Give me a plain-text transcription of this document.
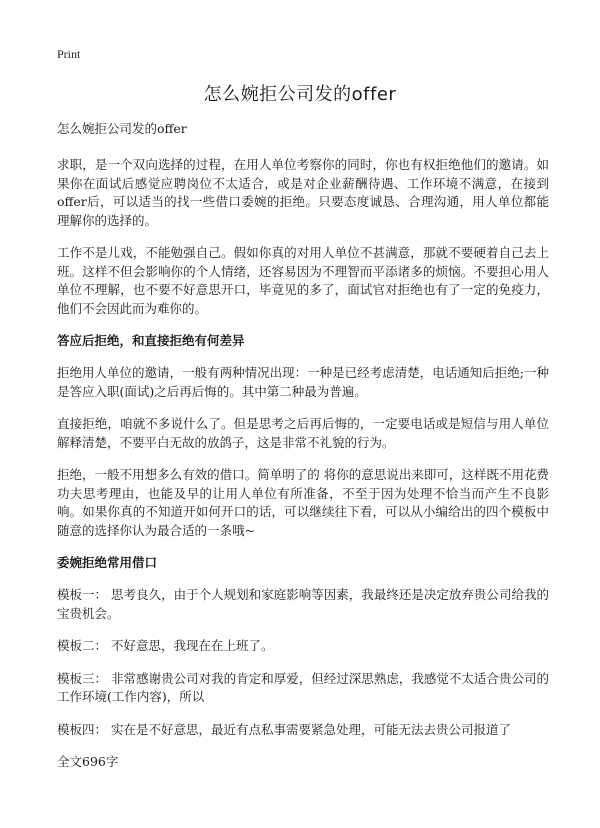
Print
怎么婉拒公司发的offer
怎么婉拒公司发的offer

求职，是一个双向选择的过程，在用人单位考察你的同时，你也有权拒绝他们的邀请。如果你在面试后感觉应聘岗位不太适合，或是对企业薪酬待遇、工作环境不满意，在接到offer后，可以适当的找一些借口委婉的拒绝。只要态度诚恳、合理沟通，用人单位都能理解你的选择的。

工作不是儿戏，不能勉强自己。假如你真的对用人单位不甚满意，那就不要硬着自己去上班。这样不但会影响你的个人情绪，还容易因为不理智而平添诸多的烦恼。不要担心用人单位不理解，也不要不好意思开口，毕竟见的多了，面试官对拒绝也有了一定的免疫力，他们不会因此而为难你的。

答应后拒绝，和直接拒绝有何差异

拒绝用人单位的邀请，一般有两种情况出现：一种是已经考虑清楚，电话通知后拒绝;一种是答应入职(面试)之后再后悔的。其中第二种最为普遍。

直接拒绝，咱就不多说什么了。但是思考之后再后悔的，一定要电话或是短信与用人单位解释清楚，不要平白无故的放鸽子，这是非常不礼貌的行为。

拒绝，一般不用想多么有效的借口。简单明了的 将你的意思说出来即可，这样既不用花费功夫思考理由，也能及早的让用人单位有所准备，不至于因为处理不恰当而产生不良影响。如果你真的不知道开如何开口的话，可以继续往下看，可以从小编给出的四个模板中随意的选择你认为最合适的一条哦~

委婉拒绝常用借口

模板一： 思考良久，由于个人规划和家庭影响等因素，我最终还是决定放弃贵公司给我的宝贵机会。

模板二： 不好意思，我现在在上班了。

模板三： 非常感谢贵公司对我的肯定和厚爱，但经过深思熟虑，我感觉不太适合贵公司的工作环境(工作内容)，所以

模板四： 实在是不好意思，最近有点私事需要紧急处理，可能无法去贵公司报道了

全文696字
